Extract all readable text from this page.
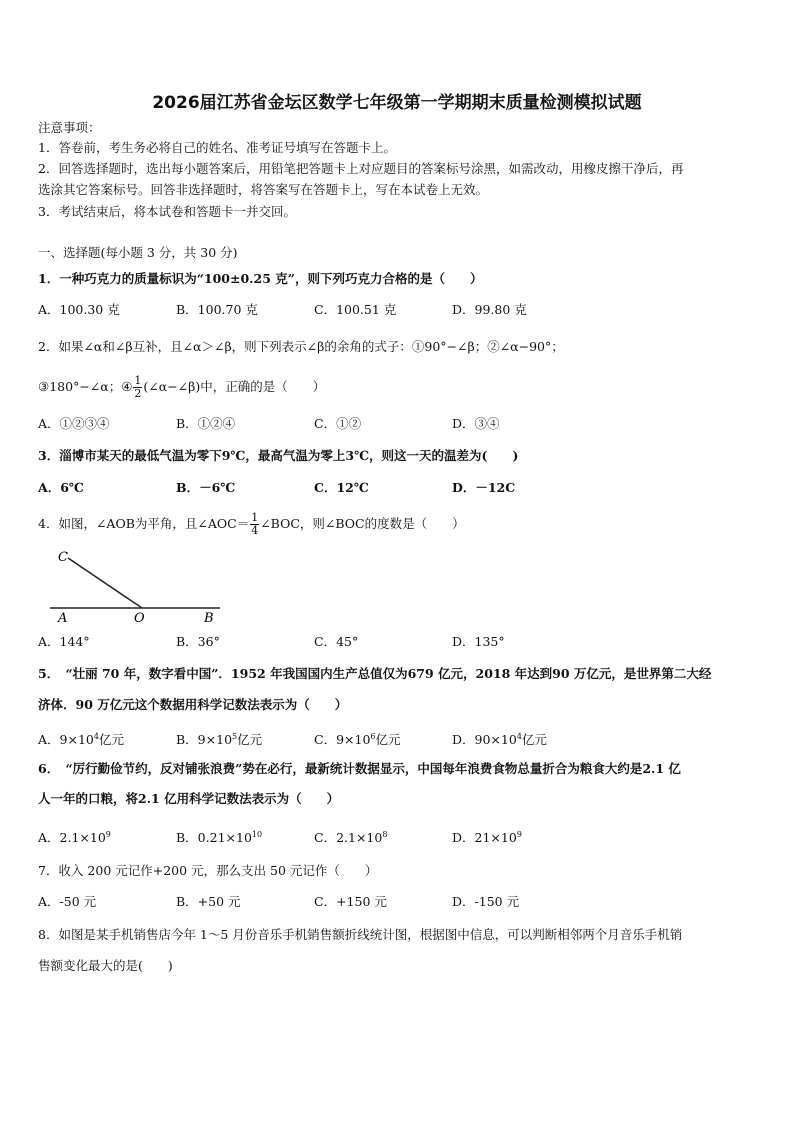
2026届江苏省金坛区数学七年级第一学期期末质量检测模拟试题
注意事项：
1．答卷前，考生务必将自己的姓名、准考证号填写在答题卡上。
2．回答选择题时，选出每小题答案后，用铅笔把答题卡上对应题目的答案标号涂黑，如需改动，用橡皮擦干净后，再
选涂其它答案标号。回答非选择题时，将答案写在答题卡上，写在本试卷上无效。
3．考试结束后，将本试卷和答题卡一并交回。
一、选择题(每小题 3 分，共 30 分)
1．一种巧克力的质量标识为“100±0.25 克”，则下列巧克力合格的是（　　）
A．100.30 克	B．100.70 克	C．100.51 克	D．99.80 克
2．如果∠α和∠β互补，且∠α＞∠β，则下列表示∠β的余角的式子：①90°−∠β；②∠α−90°；
③180°−∠α；④ $\frac{1}{2}$ (∠α−∠β)中，正确的是（　　）
A．①②③④	B．①②④	C．①②	D．③④
3．淄博市某天的最低气温为零下9℃，最高气温为零上3℃，则这一天的温差为(　　)
A．6℃	B．－6℃	C．12℃	D．－12C
4．如图，∠AOB为平角，且∠AOC＝ $\frac{1}{4}$ ∠BOC，则∠BOC的度数是（　　）
C
A	O	B
A．144°	B．36°	C．45°	D．135°
5．　“壮丽 70 年，数字看中国”．1952 年我国国内生产总值仅为679 亿元，2018 年达到90 万亿元，是世界第二大经
济体．90 万亿元这个数据用科学记数法表示为（　　）
A．$9\times 10^4$亿元	B．$9\times 10^5$亿元	C．$9\times 10^6$亿元	D．$90\times 10^4$亿元
6．　“厉行勤俭节约，反对铺张浪费”势在必行，最新统计数据显示，中国每年浪费食物总量折合为粮食大约是2.1 亿
人一年的口粮，将2.1 亿用科学记数法表示为（　　）
A．$2.1\times 10^9$	B．$0.21\times 10^{10}$	C．$2.1\times 10^8$	D．$21\times 10^9$
7．收入 200 元记作+200 元，那么支出 50 元记作（　　）
A．-50 元	B．+50 元	C．+150 元	D．-150 元
8．如图是某手机销售店今年 1～5 月份音乐手机销售额折线统计图，根据图中信息，可以判断相邻两个月音乐手机销
售额变化最大的是(　　)
